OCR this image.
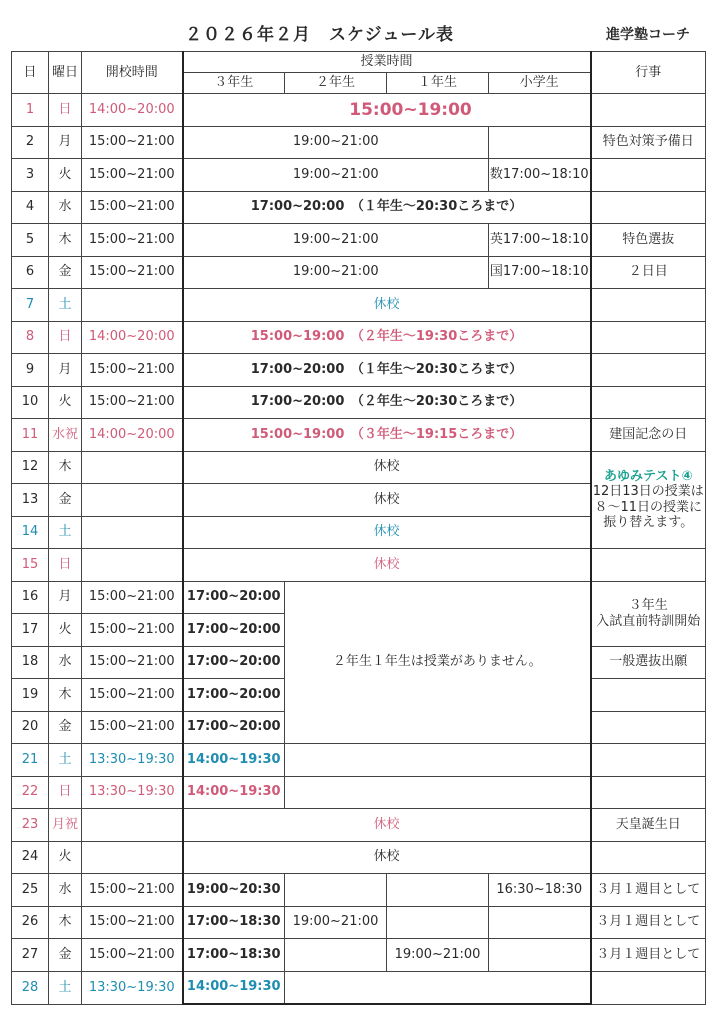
２０２６年２月　スケジュール表	進学塾コーチ
日	曜日	開校時間	授業時間				行事
			３年生	２年生	１年生	小学生	
1	日	14:00~20:00	15:00~19:00				
2	月	15:00~21:00	19:00~21:00				特色対策予備日
3	火	15:00~21:00	19:00~21:00			数17:00~18:10	
4	水	15:00~21:00	17:00~20:00　（１年生～20:30ころまで）				
5	木	15:00~21:00	19:00~21:00			英17:00~18:10	特色選抜
6	金	15:00~21:00	19:00~21:00			国17:00~18:10	２日目
7	土		休校				
8	日	14:00~20:00	15:00~19:00　（２年生～19:30ころまで）				
9	月	15:00~21:00	17:00~20:00　（１年生～20:30ころまで）				
10	火	15:00~21:00	17:00~20:00　（２年生～20:30ころまで）				
11	水祝	14:00~20:00	15:00~19:00　（３年生～19:15ころまで）				建国記念の日
12	木		休校				あゆみテスト④
12日13日の授業は
８～11日の授業に
振り替えます。

13	金		休校				
14	土		休校				
15	日		休校				
16	月	15:00~21:00	17:00~20:00	２年生１年生は授業がありません。			３年生
入試直前特訓開始

17	火	15:00~21:00	17:00~20:00				
18	水	15:00~21:00	17:00~20:00				一般選抜出願
19	木	15:00~21:00	17:00~20:00				
20	金	15:00~21:00	17:00~20:00				
21	土	13:30~19:30	14:00~19:30				
22	日	13:30~19:30	14:00~19:30				
23	月祝		休校				天皇誕生日
24	火		休校				
25	水	15:00~21:00	19:00~20:30			16:30~18:30	３月１週目として
26	木	15:00~21:00	17:00~18:30	19:00~21:00			３月１週目として
27	金	15:00~21:00	17:00~18:30		19:00~21:00		３月１週目として
28	土	13:30~19:30	14:00~19:30				
